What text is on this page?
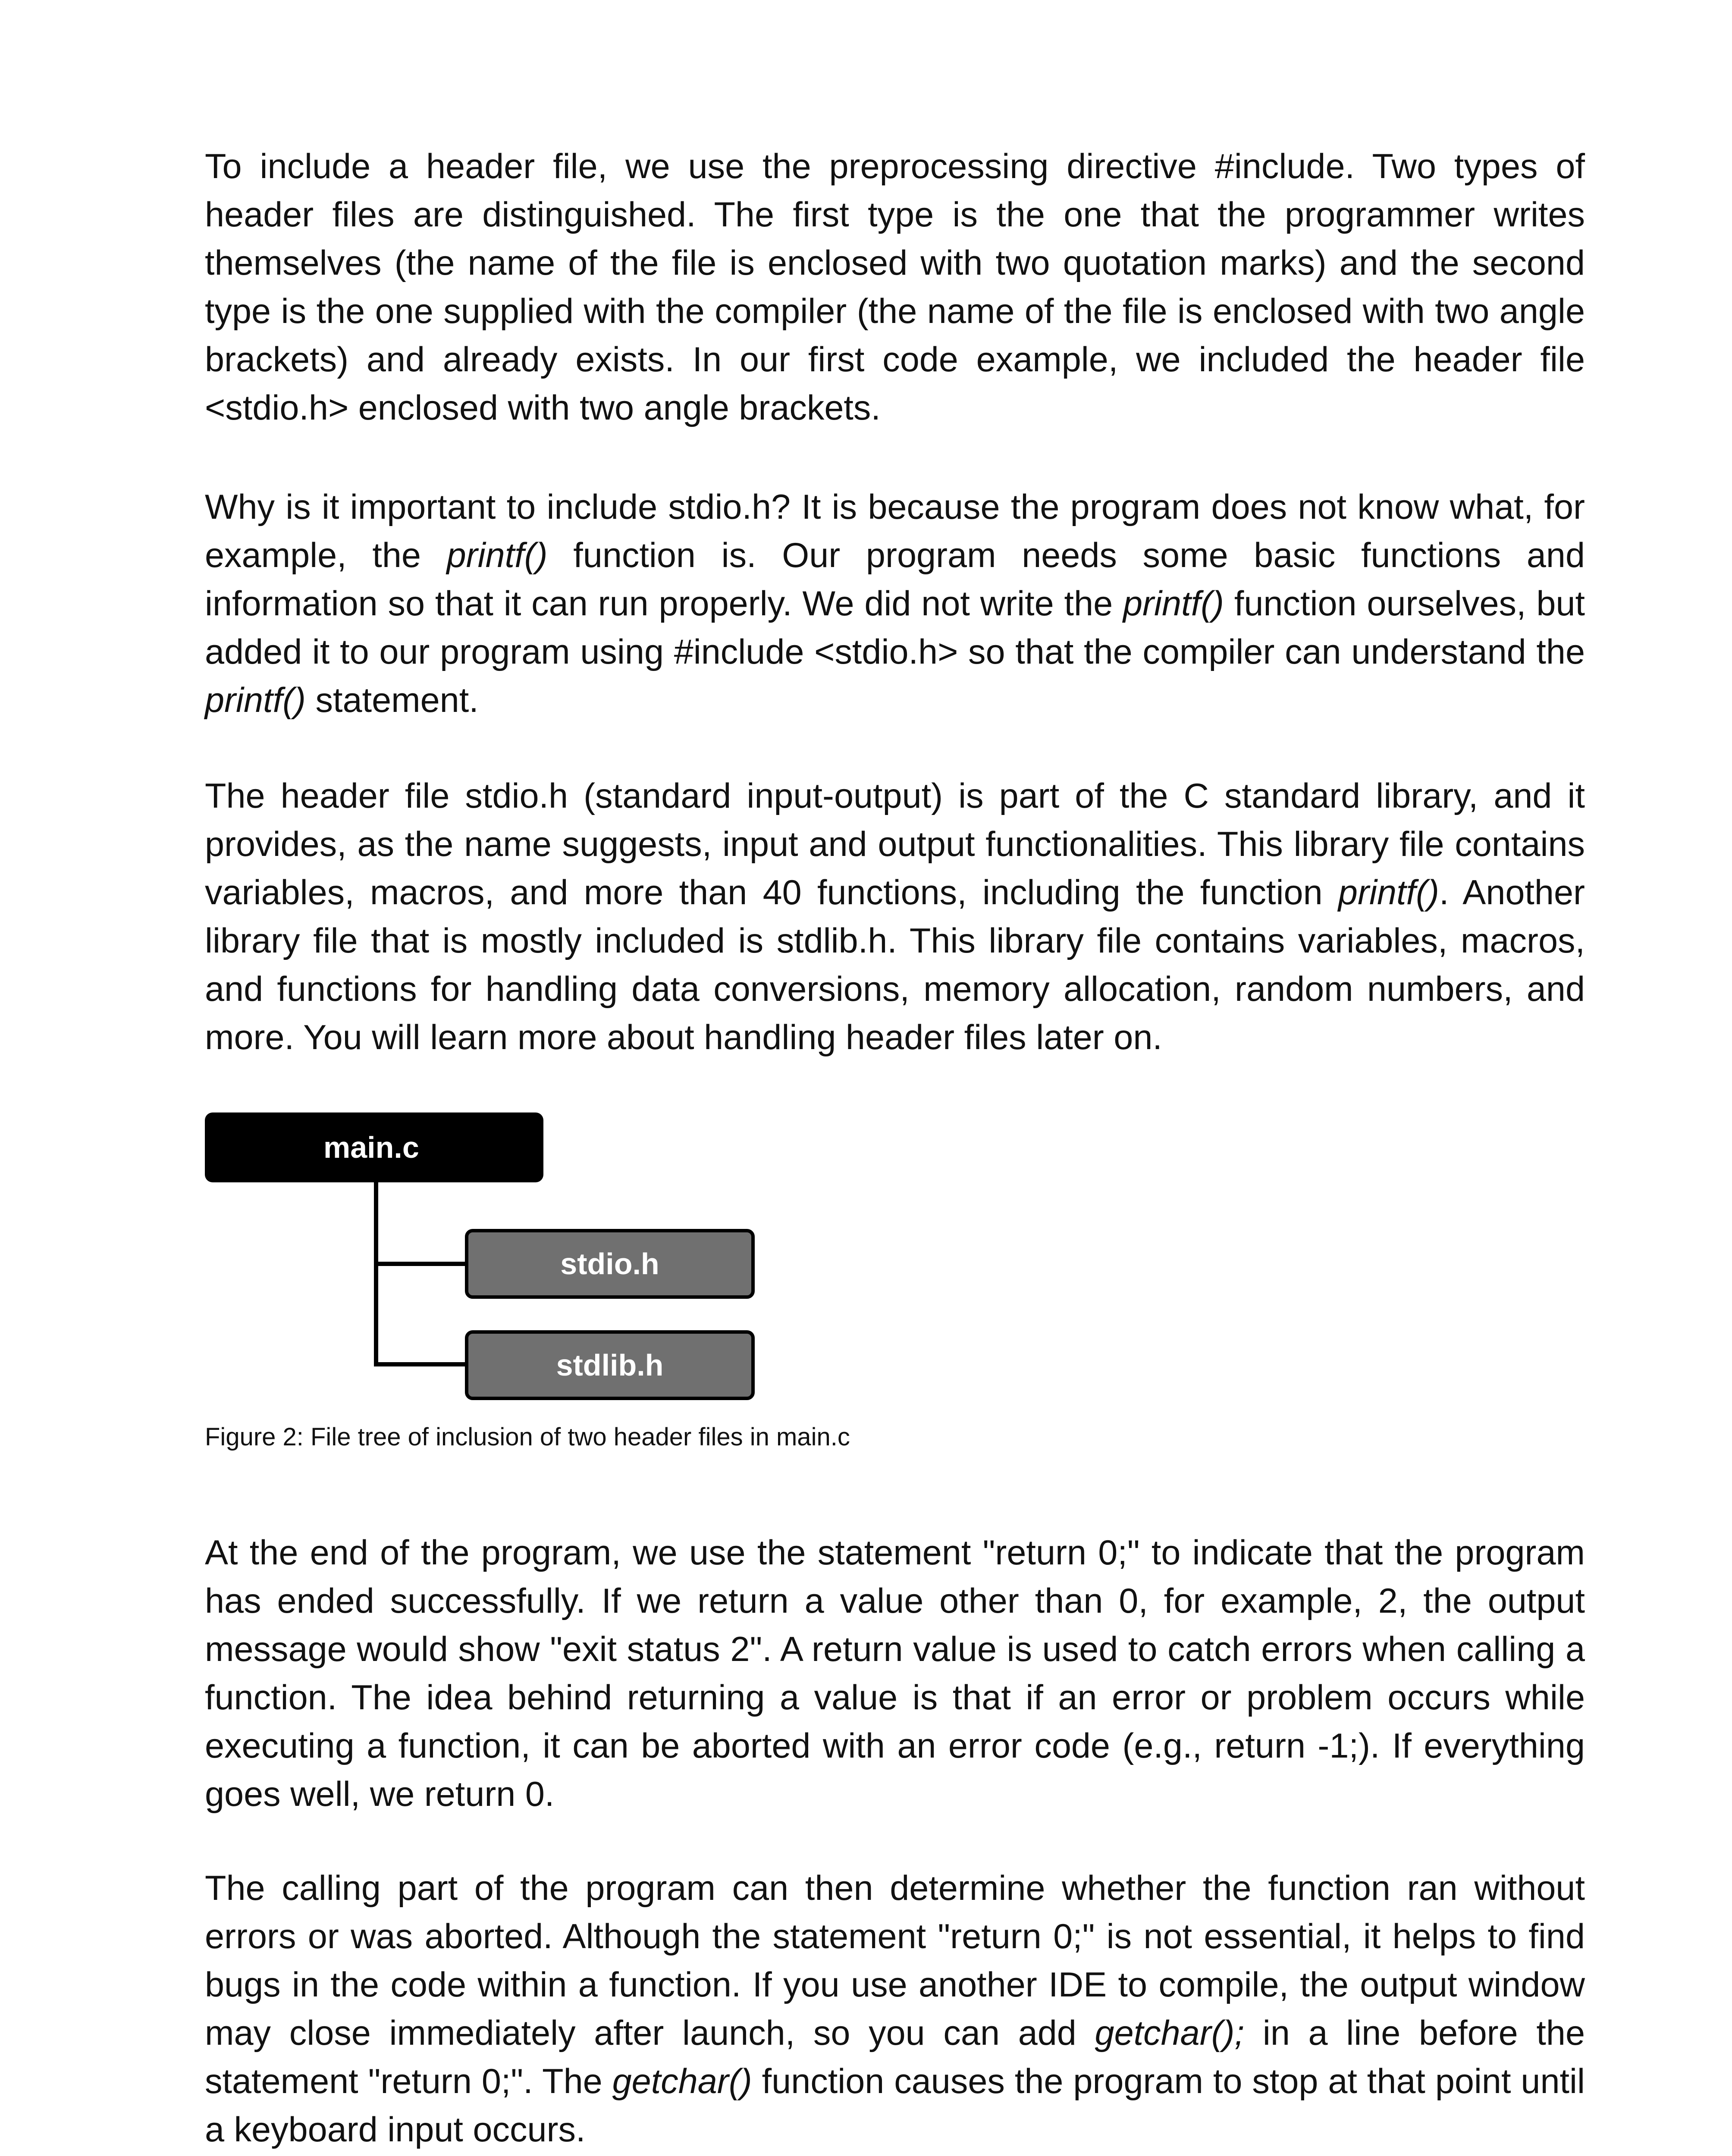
To include a header file, we use the preprocessing directive #include. Two types of header files are distinguished. The first type is the one that the programmer writes themselves (the name of the file is enclosed with two quotation marks) and the second type is the one supplied with the compiler (the name of the file is enclosed with two angle brackets) and already exists. In our first code example, we included the header file <stdio.h> enclosed with two angle brackets.

Why is it important to include stdio.h? It is because the program does not know what, for example, the printf() function is. Our program needs some basic functions and information so that it can run properly. We did not write the printf() function ourselves, but added it to our program using #include <stdio.h> so that the compiler can understand the printf() statement.

The header file stdio.h (standard input-output) is part of the C standard library, and it provides, as the name suggests, input and output functionalities. This library file contains variables, macros, and more than 40 functions, including the function printf(). Another library file that is mostly included is stdlib.h. This library file contains variables, macros, and functions for handling data conversions, memory allocation, random numbers, and more. You will learn more about handling header files later on.

At the end of the program, we use the statement "return 0;" to indicate that the program has ended successfully. If we return a value other than 0, for example, 2, the output message would show "exit status 2". A return value is used to catch errors when calling a function. The idea behind returning a value is that if an error or problem occurs while executing a function, it can be aborted with an error code (e.g., return -1;). If everything goes well, we return 0.

The calling part of the program can then determine whether the function ran without errors or was aborted. Although the statement "return 0;" is not essential, it helps to find bugs in the code within a function. If you use another IDE to compile, the output window may close immediately after launch, so you can add getchar(); in a line before the statement "return 0;". The getchar() function causes the program to stop at that point until a keyboard input occurs.

main.c
stdio.h
stdlib.h
Figure 2: File tree of inclusion of two header files in main.c
